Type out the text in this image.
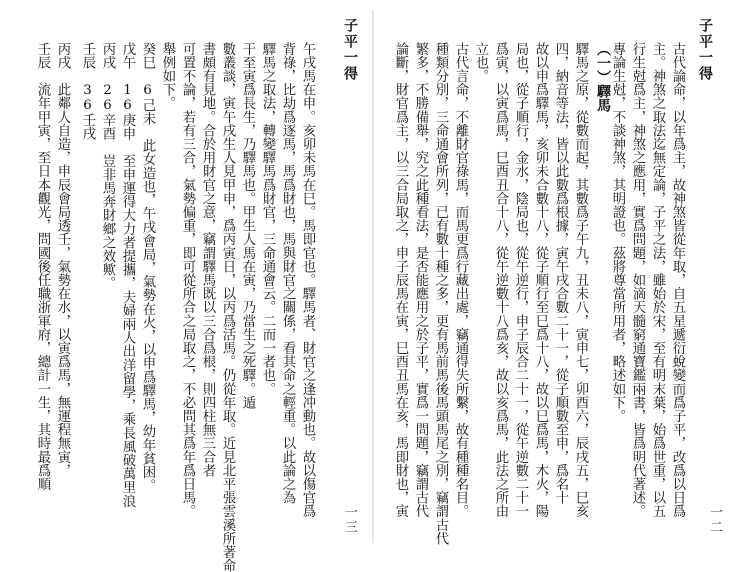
子平一得
午戌馬在申。亥卯未馬在巳。馬即官也。驛馬者、財官之逢冲動也。故以傷官爲
背祿，比劫爲逐馬，馬爲財也，馬與財官之關係，看其命之輕重。以此論之為
驛馬之取法，轉變驛馬爲財官，三命通會云。二而一者也。
干至寅爲長生，乃驛馬也。甲生人馬在寅，乃當生之死驛。遁
數叢談，寅午戌生人見甲申，爲丙寅日，以丙爲活馬。仍從年取。近見北平張雲溪所著命
書頗有見地。合於用財官之意，竊謂驛馬既以三合爲根，則四柱無三合者
可置不論，若有三合，氣勢偏重，即可從所合之局取之，不必問其爲年爲日馬。
舉例如下。
癸巳　6己未　此女造也，午戌會局，氣勢在火，以申爲驛馬，幼年貧困。
戊午　16庚申　至申運得大力者提攜，夫婦兩人出洋留學，乘長風破萬里浪
丙戌　26辛酉　豈非馬奔財鄉之效歟。
壬辰　36壬戌
丙戌　此鄰人自造，申辰會局透壬，氣勢在水，以寅爲馬，無運程無寅，
壬辰　流年甲寅，至日本觀光，問國後任職浙軍府，總計一生，其時最爲順
一三
子平一得
古代論命，以年爲主，故神煞皆從年取，自五星遞衍蛻變而爲子平，改爲以日爲
主。神煞之取法迄無定論，子平之法，雖始於宋，至有明末葉，始爲世重，以五
行生尅爲主，神煞之應用，實爲問題，如滴天髓窮通寶鑑兩書，皆爲明代著述。
專論生尅，不談神煞，其明證也。茲將尊當所用者，略述如下。
（一）驛馬
驛馬之原，從數而起，其數爲子午九，丑未八，寅申七，卯酉六，辰戌五，巳亥
四，納音等法，皆以此數爲根據，寅午戌合數二十一，從子順數至申，爲名十
故以申爲驛馬，亥卯未合數十八，從子順行至巳爲十八，故以巳爲馬，木火，陽
局也，從子順行，金水，陰局也，從午逆行，申子辰合二十一，從午逆數二十一
爲寅，以寅爲馬，巳酉丑合十八，從午逆數十八爲亥，故以亥爲馬，此法之所由
立也。
古代言命，不離財官祿馬，而馬更爲行藏出處，竊通得失所繫，故有種種名目。
種類分別，三命通會所列，已有數十種之多，更有馬前馬後馬頭馬尾之別，竊謂古代
繁多，不勝備舉，究之此種看法，是否能應用之於子平，實爲一問題，竊謂古代
論斷，財官爲主，以三合局取之，申子辰馬在寅，巳酉丑馬在亥，馬即財也，寅
一二
